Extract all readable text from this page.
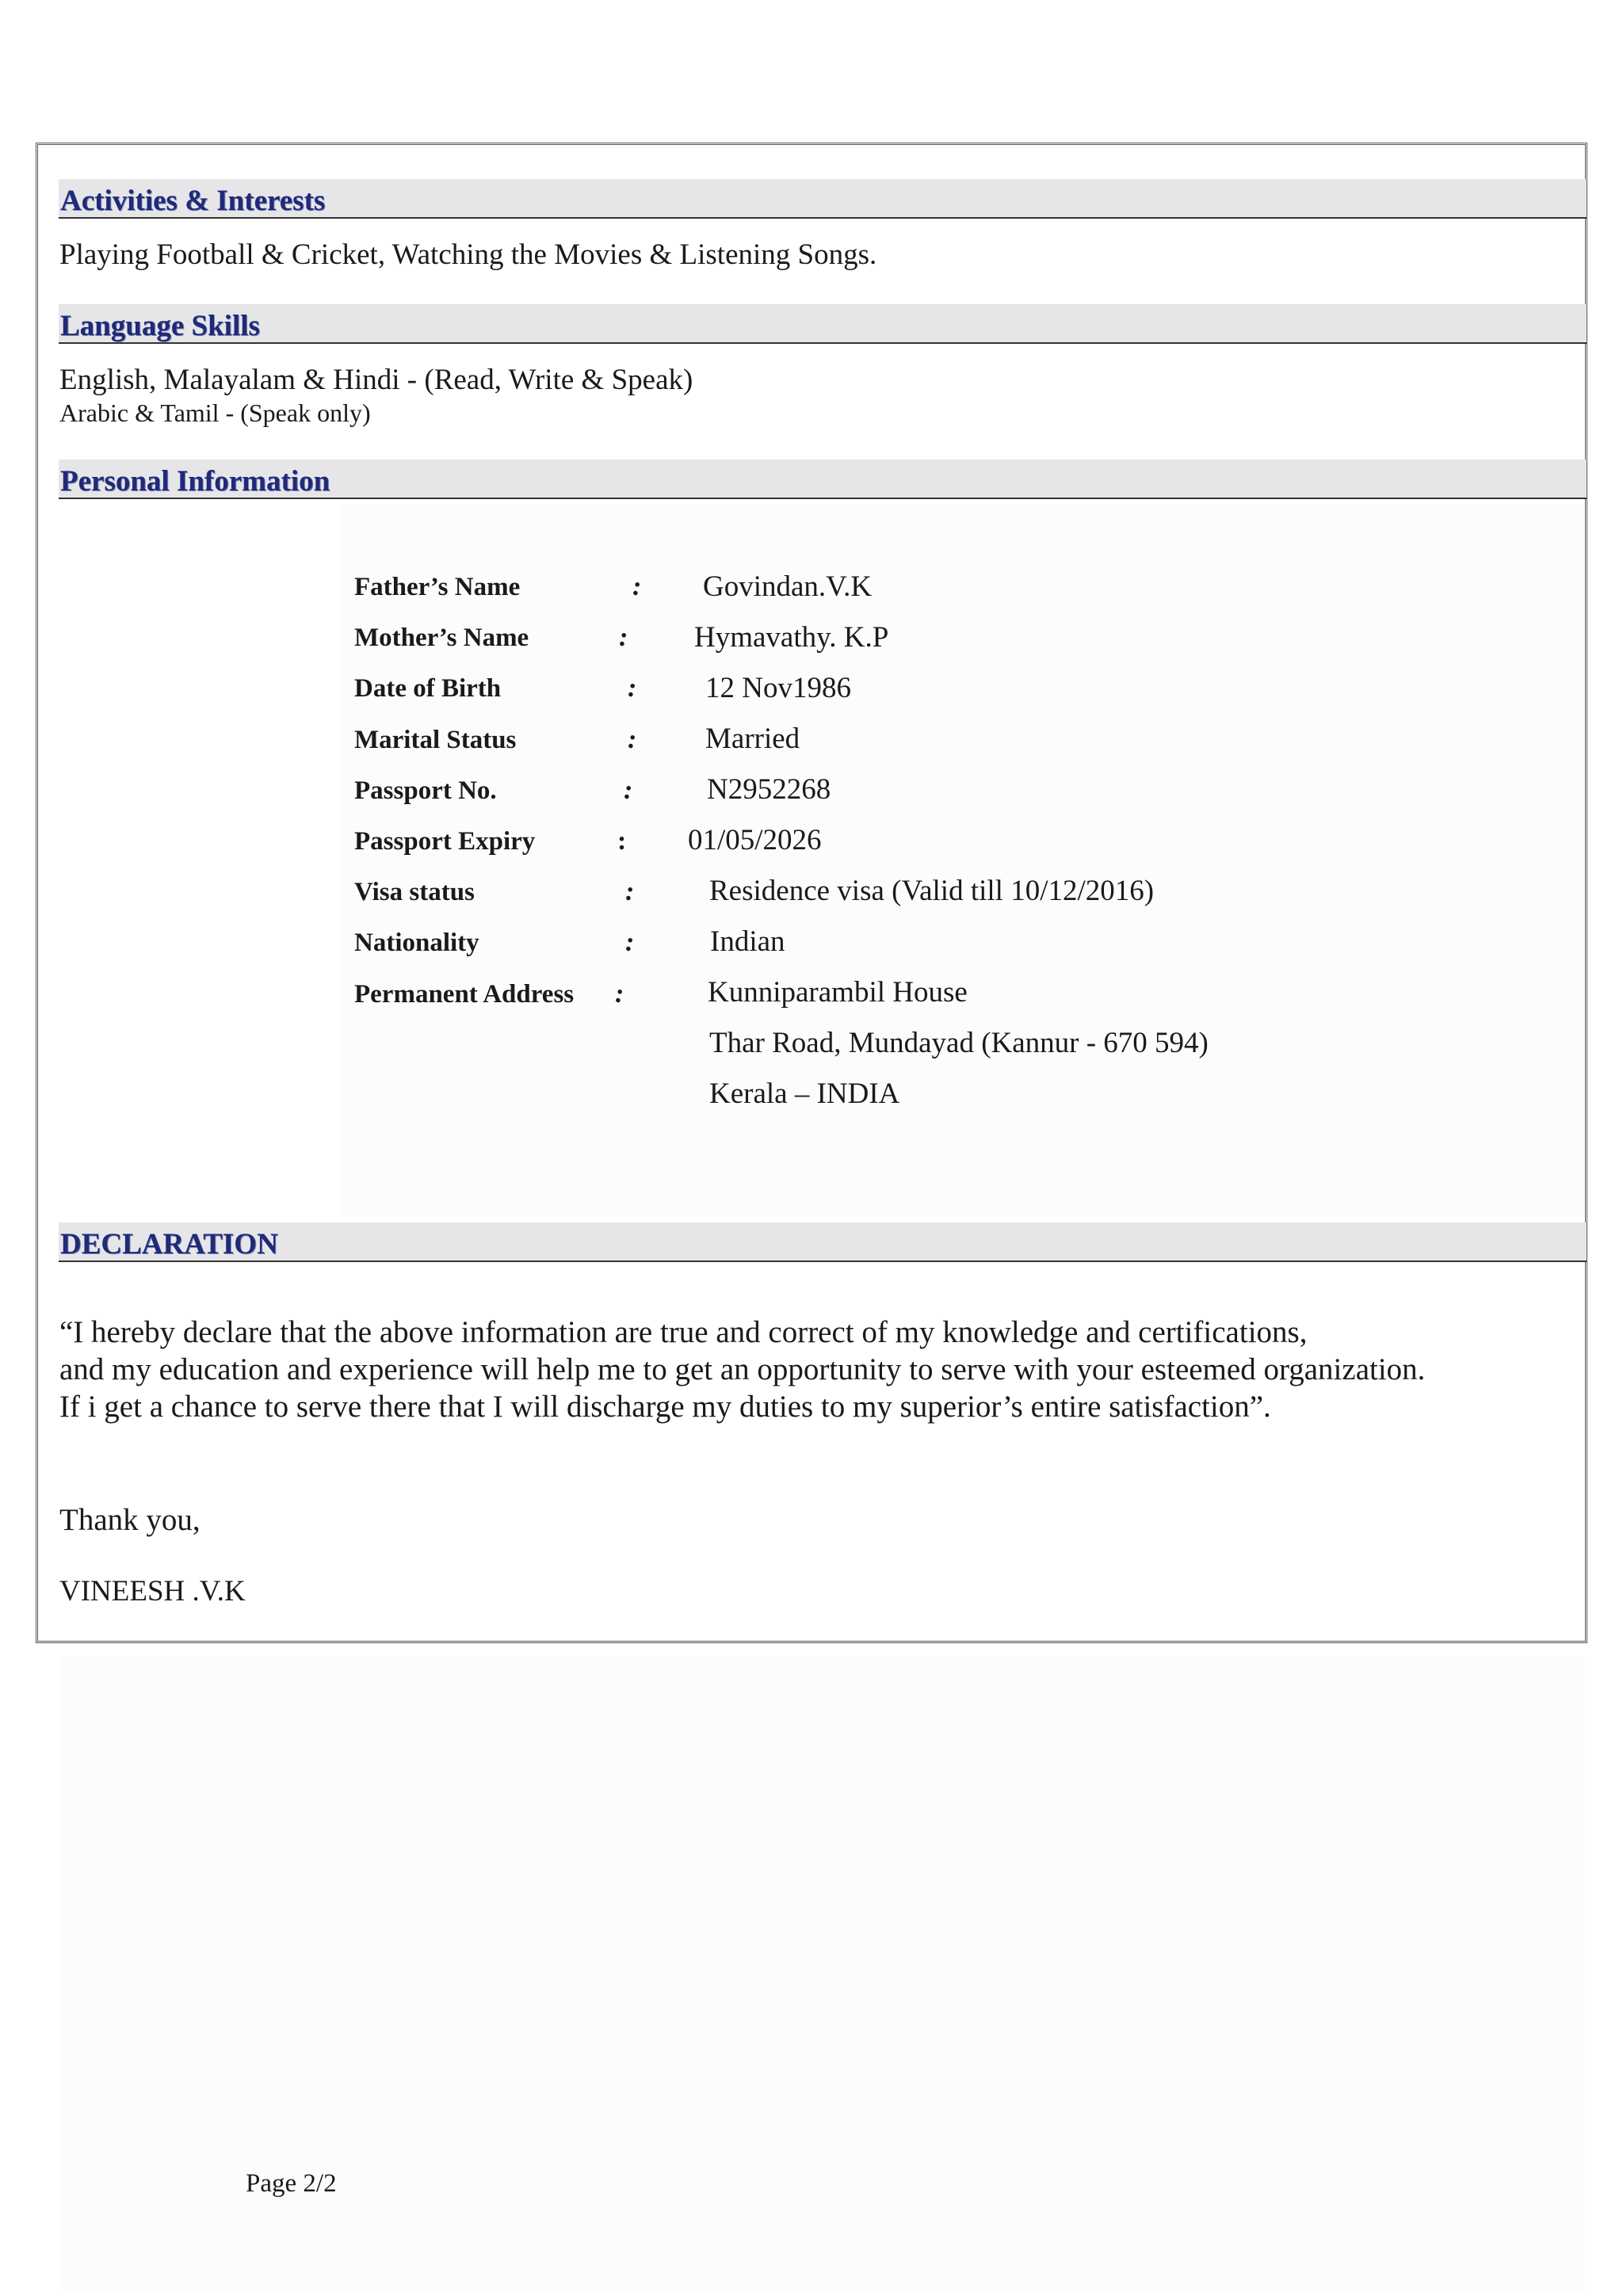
Activities & Interests
Playing Football & Cricket, Watching the Movies & Listening Songs.
Language Skills
English, Malayalam & Hindi - (Read, Write & Speak)
Arabic & Tamil - (Speak only)
Personal Information
Father’s Name	: Govindan.V.K
Mother’s Name	: Hymavathy. K.P
Date of Birth	: 12 Nov1986
Marital Status	: Married
Passport No.	:	N2952268
Passport Expiry	: 01/05/2026
Visa status	:	Residence visa (Valid till 10/12/2016)
Nationality	:	Indian
Permanent Address :	Kunniparambil House
Thar Road, Mundayad (Kannur - 670 594)
Kerala – INDIA
DECLARATION
“I hereby declare that the above information are true and correct of my knowledge and certifications,
and my education and experience will help me to get an opportunity to serve with your esteemed organization.
If i get a chance to serve there that I will discharge my duties to my superior’s entire satisfaction”.
Thank you,
VINEESH .V.K
Page 2/2
